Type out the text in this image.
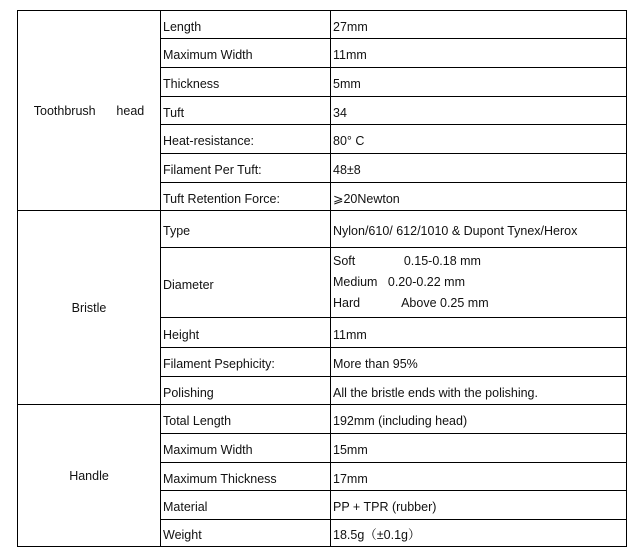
Toothbrush      head	Length	27mm
	Maximum Width	11mm
	Thickness	5mm
	Tuft	34
	Heat-resistance:	80° C
	Filament Per Tuft:	48±8
	Tuft Retention Force:	⩾20Newton
Bristle	Type	Nylon/610/ 612/1010 & Dupont Tynex/Herox
	Diameter	Soft              0.15-0.18 mm
Medium   0.20-0.22 mm
Hard            Above 0.25 mm

	Height	11mm
	Filament Psephicity:	More than 95%
	Polishing	All the bristle ends with the polishing.
Handle	Total Length	192mm (including head)
	Maximum Width	15mm
	Maximum Thickness	17mm
	Material	PP + TPR (rubber)
	Weight	18.5g（±0.1g）
